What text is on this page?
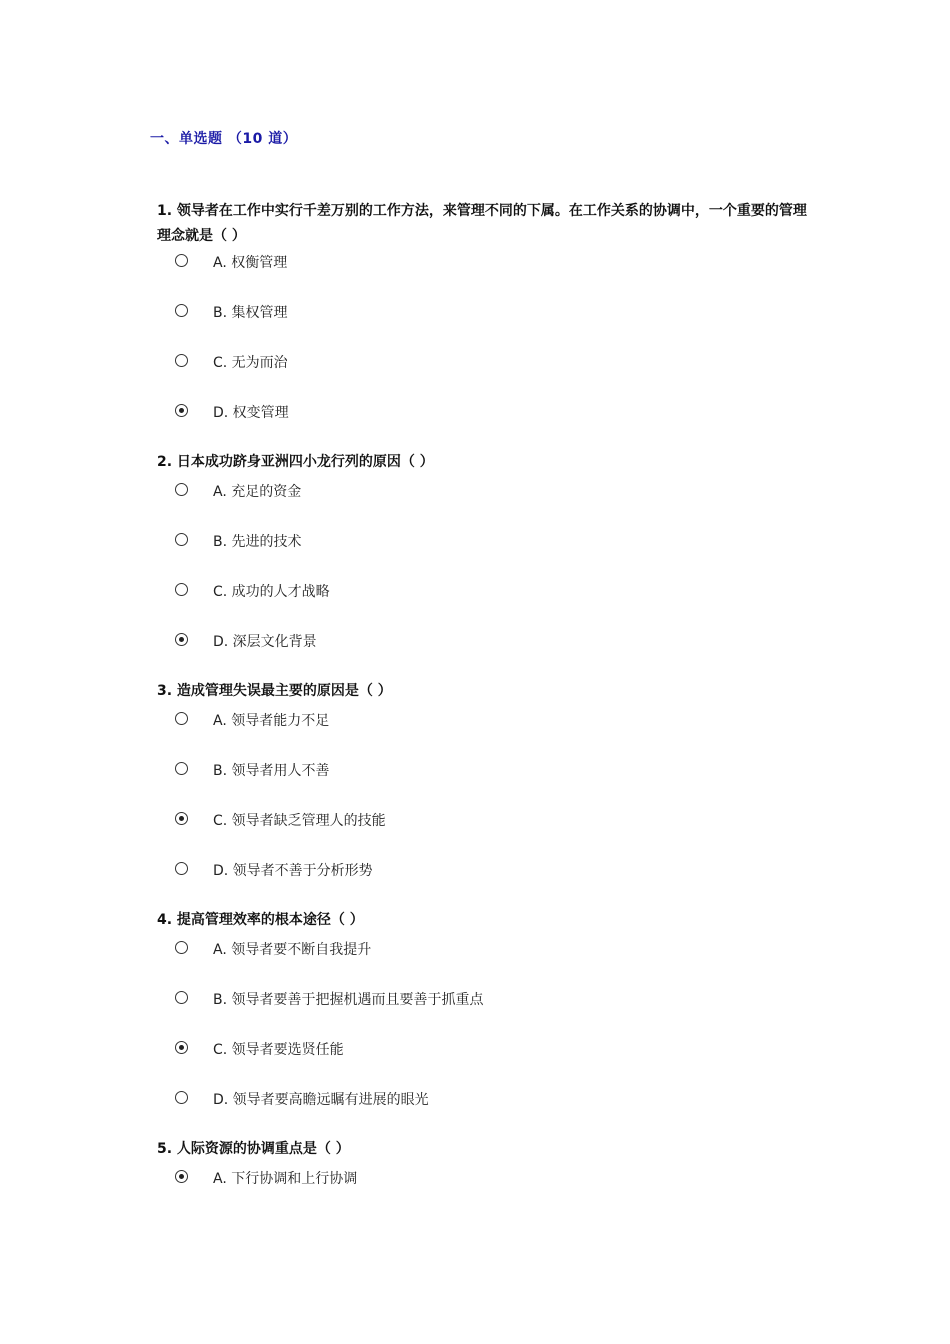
一、单选题 （10 道）
1. 领导者在工作中实行千差万别的工作方法，来管理不同的下属。在工作关系的协调中，一个重要的管理理念就是（ ）
A. 权衡管理
B. 集权管理
C. 无为而治
D. 权变管理
2. 日本成功跻身亚洲四小龙行列的原因（ ）
A. 充足的资金
B. 先进的技术
C. 成功的人才战略
D. 深层文化背景
3. 造成管理失误最主要的原因是（ ）
A. 领导者能力不足
B. 领导者用人不善
C. 领导者缺乏管理人的技能
D. 领导者不善于分析形势
4. 提高管理效率的根本途径（ ）
A. 领导者要不断自我提升
B. 领导者要善于把握机遇而且要善于抓重点
C. 领导者要选贤任能
D. 领导者要高瞻远瞩有进展的眼光
5. 人际资源的协调重点是（ ）
A. 下行协调和上行协调
